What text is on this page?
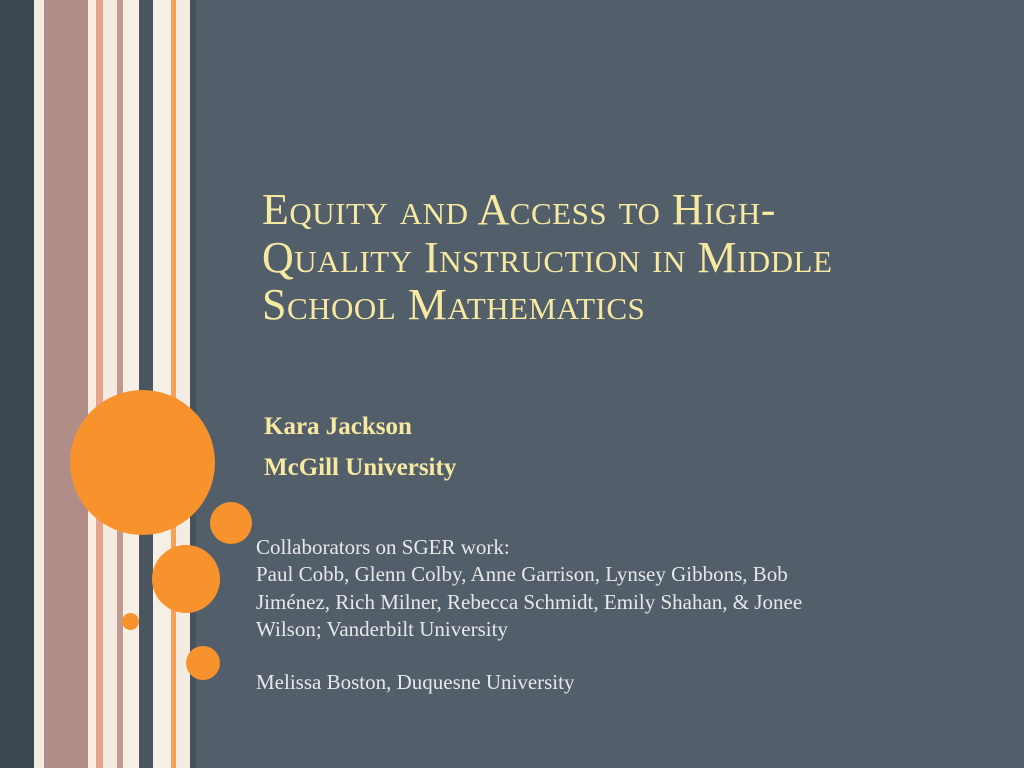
Equity and Access to High-
Quality Instruction in Middle
School Mathematics
Kara Jackson
McGill University
Collaborators on SGER work:
Paul Cobb, Glenn Colby, Anne Garrison, Lynsey Gibbons, Bob
Jiménez, Rich Milner, Rebecca Schmidt, Emily Shahan, & Jonee
Wilson; Vanderbilt University
Melissa Boston, Duquesne University
